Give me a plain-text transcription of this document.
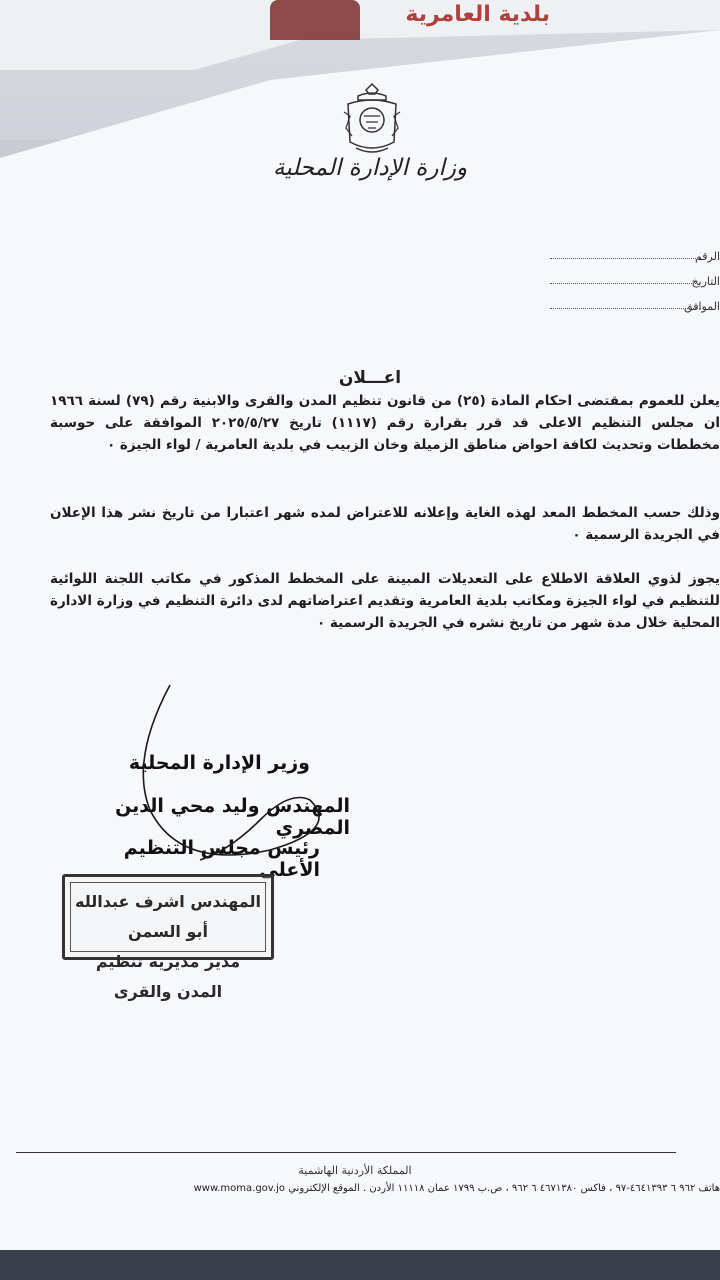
بلدية العامرية
وزارة الإدارة المحلية
الرقم
التاريخ
الموافق
اعـــلان
يعلن للعموم بمقتضى احكام المادة (٢٥) من قانون تنظيم المدن والقرى والابنية رقم (٧٩) لسنة ١٩٦٦ ان مجلس التنظيم الاعلى قد قرر بقرارة رقم (١١١٧) تاريخ ٢٠٢٥/٥/٢٧ الموافقة على حوسبة مخططات وتحديث لكافة احواض مناطق الزميلة وخان الزبيب في بلدية العامرية / لواء الجيزة ٠
وذلك حسب المخطط المعد لهذه الغاية وإعلانه للاعتراض لمده شهر اعتبارا من تاريخ نشر هذا الإعلان في الجريدة الرسمية ٠
يجوز لذوي العلاقة الاطلاع على التعديلات المبينة على المخطط المذكور في مكاتب اللجنة اللوائية للتنظيم في لواء الجيزة ومكاتب بلدية العامرية وتقديم اعتراضاتهم لدى دائرة التنظيم في وزارة الادارة المحلية خلال مدة شهر من تاريخ نشره في الجريدة الرسمية ٠
وزير الإدارة المحلية
المهندس وليد محي الدين المصري
رئيس مجلس التنظيم الأعلى
المهندس اشرف عبدالله أبو السمن
مدير مديرية تنظيم المدن والقرى
المملكة الأردنية الهاشمية
هاتف ٩٦٢ ٦ ٤٦٤١٣٩٣-٩٧ ، فاكس ٤٦٧١٣٨٠ ٦ ٩٦٢ ، ص.ب ١٧٩٩ عمان ١١١١٨ الأردن . الموقع الإلكتروني www.moma.gov.jo
